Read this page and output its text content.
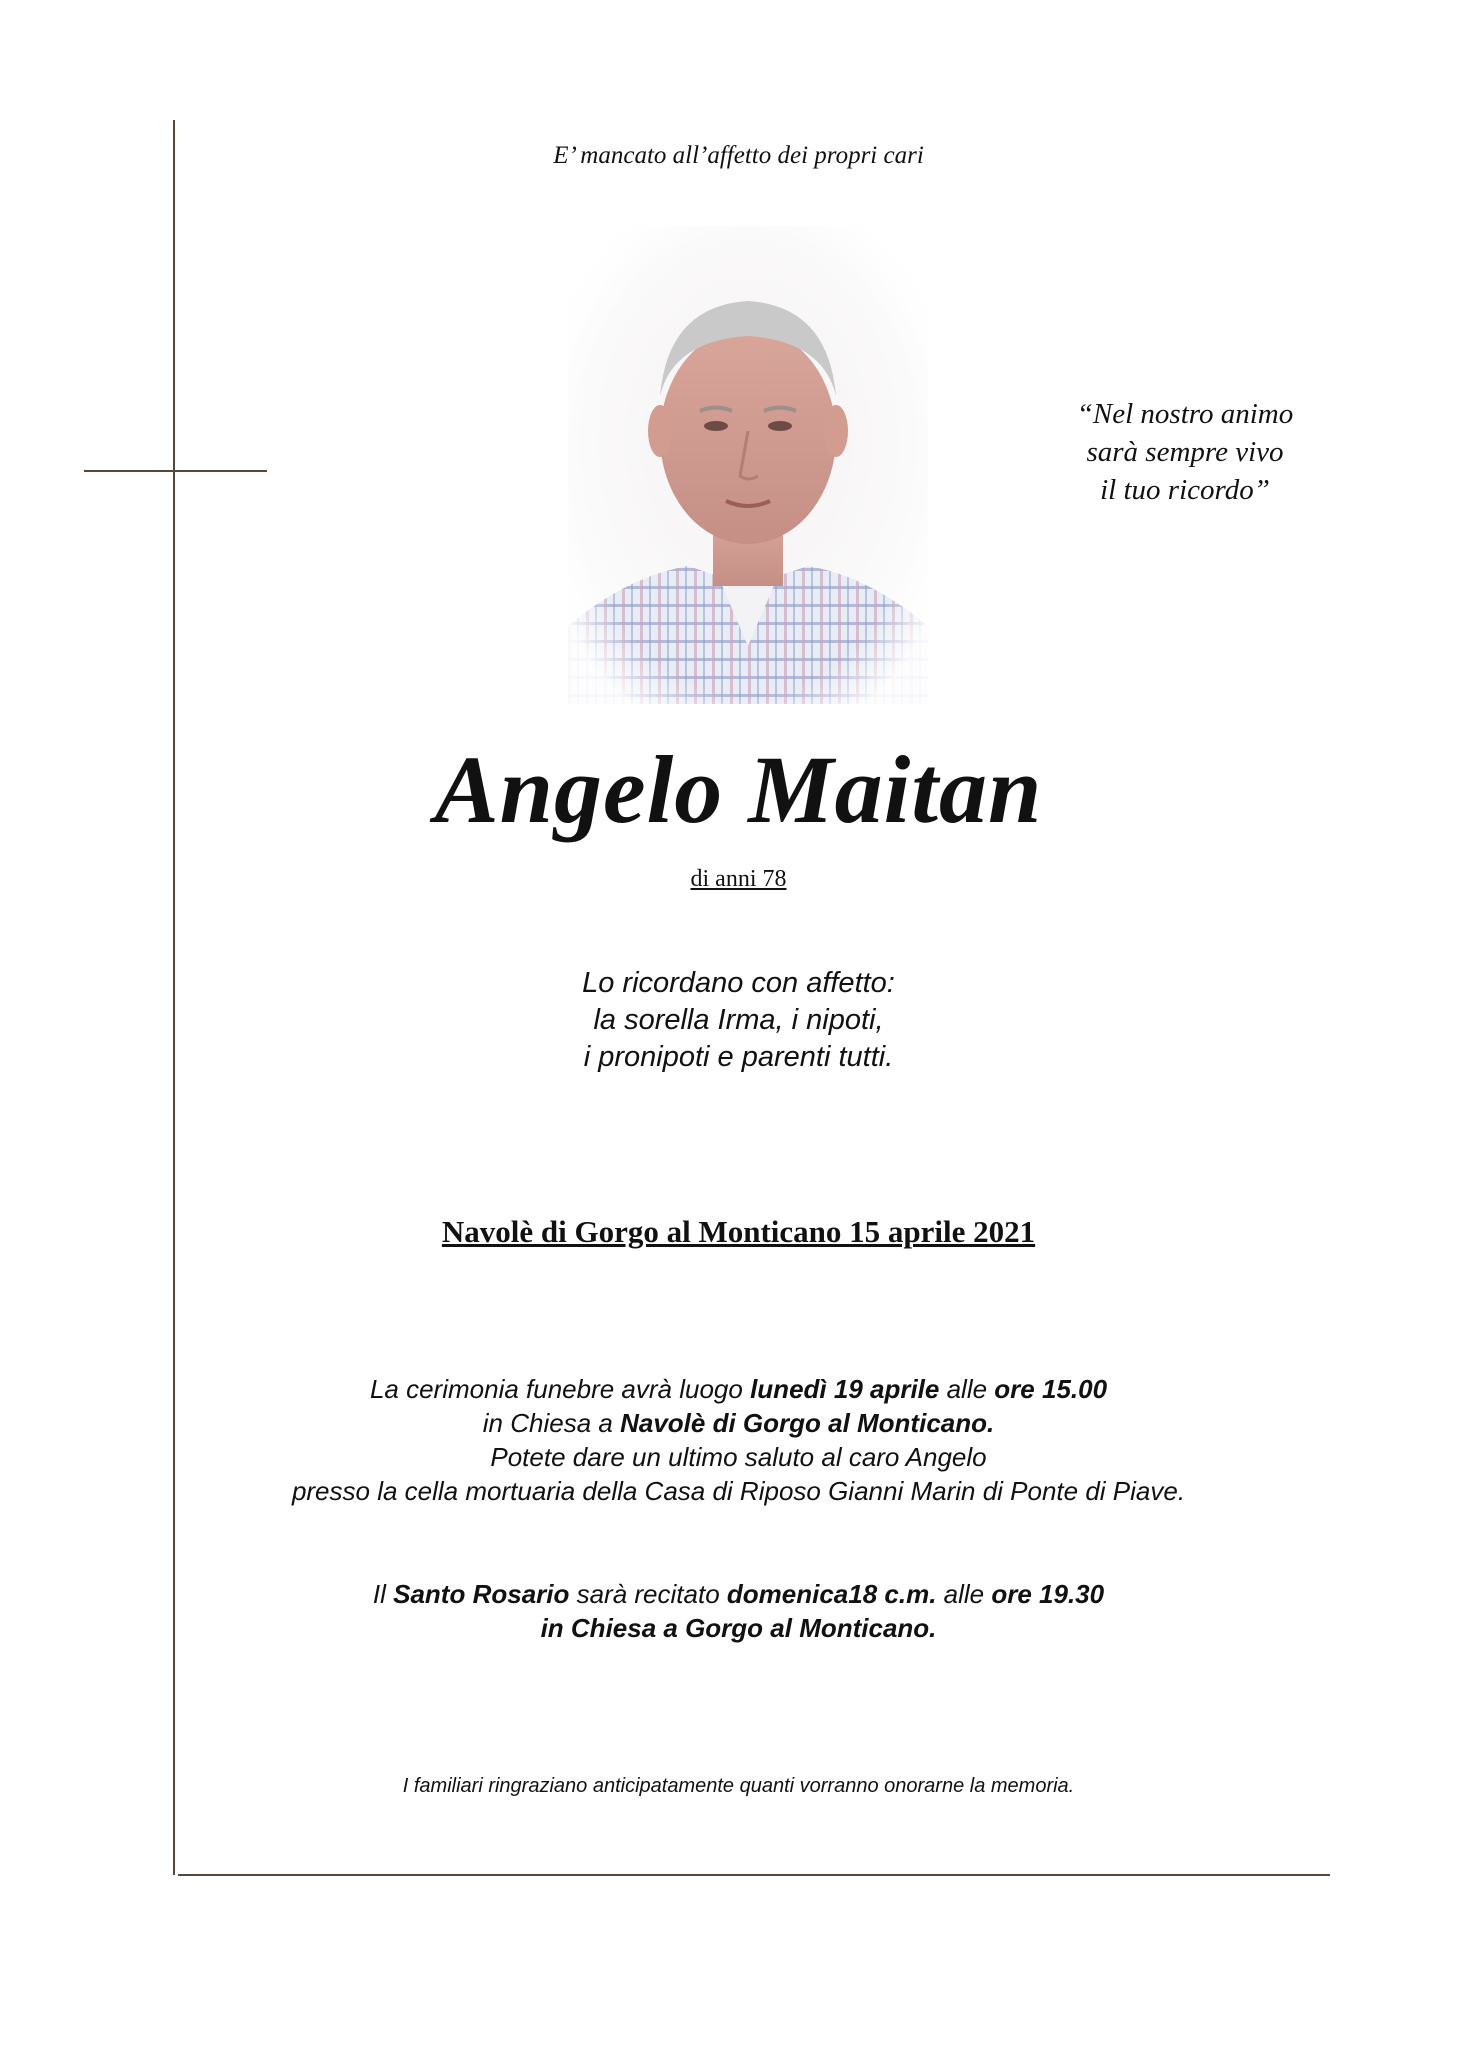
E’ mancato all’affetto dei propri cari
“Nel nostro animo
sarà sempre vivo
il tuo ricordo”
Angelo Maitan
di anni 78
Lo ricordano con affetto:
la sorella Irma, i nipoti,
i pronipoti e parenti tutti.
Navolè di Gorgo al Monticano 15 aprile 2021
La cerimonia funebre avrà luogo lunedì 19 aprile alle ore 15.00
in Chiesa a Navolè di Gorgo al Monticano.
Potete dare un ultimo saluto al caro Angelo
presso la cella mortuaria della Casa di Riposo Gianni Marin di Ponte di Piave.
Il Santo Rosario sarà recitato domenica18 c.m. alle ore 19.30
in Chiesa a Gorgo al Monticano.
I familiari ringraziano anticipatamente quanti vorranno onorarne la memoria.
